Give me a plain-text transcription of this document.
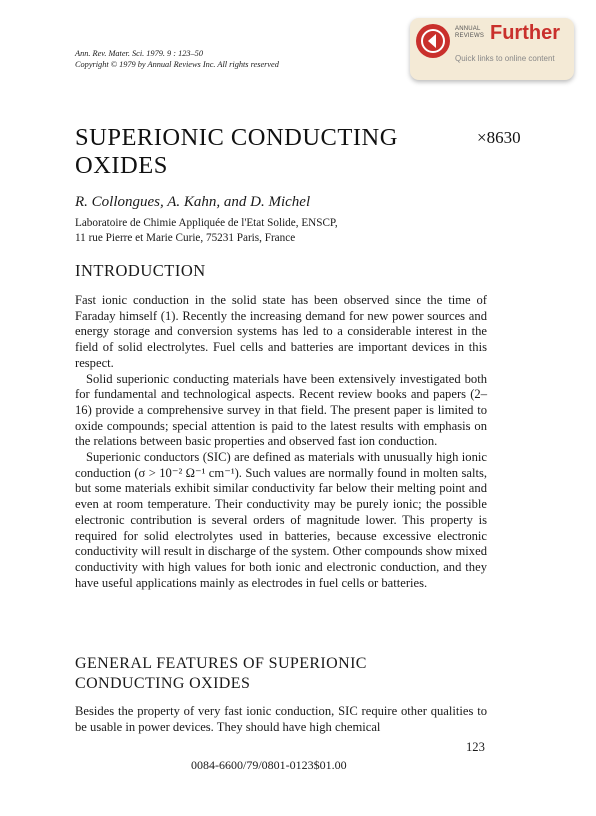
Ann. Rev. Mater. Sci. 1979. 9 : 123–50
Copyright © 1979 by Annual Reviews Inc. All rights reserved
ANNUAL
REVIEWS Further
Quick links to online content
SUPERIONIC CONDUCTING
OXIDES
×8630
R. Collongues, A. Kahn, and D. Michel
Laboratoire de Chimie Appliquée de l'Etat Solide, ENSCP,
11 rue Pierre et Marie Curie, 75231 Paris, France
INTRODUCTION

Fast ionic conduction in the solid state has been observed since the time of Faraday himself (1). Recently the increasing demand for new power sources and energy storage and conversion systems has led to a considerable interest in the field of solid electrolytes. Fuel cells and batteries are important devices in this respect.

Solid superionic conducting materials have been extensively investigated both for fundamental and technological aspects. Recent review books and papers (2–16) provide a comprehensive survey in that field. The present paper is limited to oxide compounds; special attention is paid to the latest results with emphasis on the relations between basic properties and observed fast ion conduction.

Superionic conductors (SIC) are defined as materials with unusually high ionic conduction (σ > 10⁻² Ω⁻¹ cm⁻¹). Such values are normally found in molten salts, but some materials exhibit similar conductivity far below their melting point and even at room temperature. Their conductivity may be purely ionic; the possible electronic contribution is several orders of magnitude lower. This property is required for solid electrolytes used in batteries, because excessive electronic conductivity will result in discharge of the system. Other compounds show mixed conductivity with high values for both ionic and electronic conduction, and they have useful applications mainly as electrodes in fuel cells or batteries.

GENERAL FEATURES OF SUPERIONIC
CONDUCTING OXIDES

Besides the property of very fast ionic conduction, SIC require other qualities to be usable in power devices. They should have high chemical

123
0084-6600/79/0801-0123$01.00
